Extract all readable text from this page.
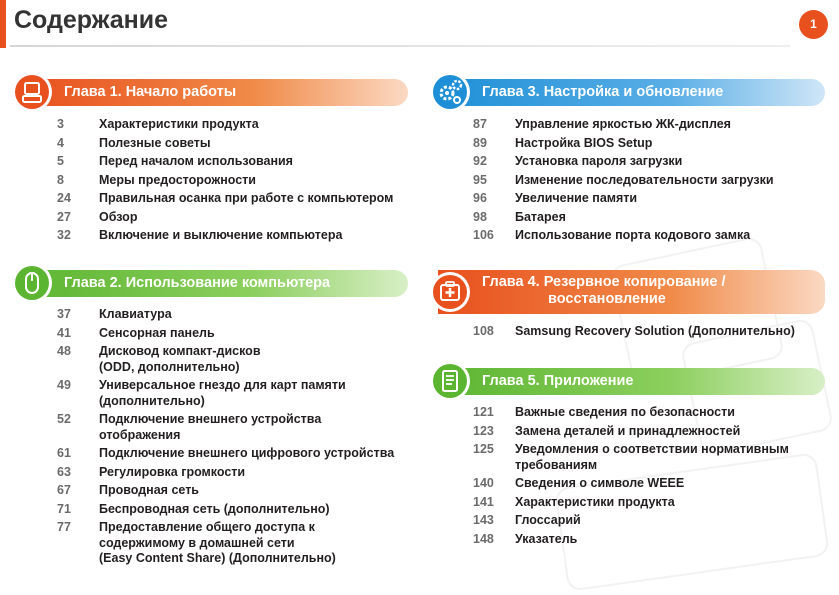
Содержание	1
Глава 1. Начало работы
3	Характеристики продукта
4	Полезные советы
5	Перед началом использования
8	Меры предосторожности
24	Правильная осанка при работе с компьютером
27	Обзор
32	Включение и выключение компьютера
Глава 2. Использование компьютера
37	Клавиатура
41	Сенсорная панель
48	Дисковод компакт-дисков
(ODD, дополнительно)
49	Универсальное гнездо для карт памяти
(дополнительно)
52	Подключение внешнего устройства
отображения
61	Подключение внешнего цифрового устройства
63	Регулировка громкости
67	Проводная сеть
71	Беспроводная сеть (дополнительно)
77	Предоставление общего доступа к
содержимому в домашней сети
(Easy Content Share) (Дополнительно)
Глава 3. Настройка и обновление
87	Управление яркостью ЖК-дисплея
89	Настройка BIOS Setup
92	Установка пароля загрузки
95	Изменение последовательности загрузки
96	Увеличение памяти
98	Батарея
106	Использование порта кодового замка
Глава 4. Резервное копирование /
восстановление
108	Samsung Recovery Solution (Дополнительно)
Глава 5. Приложение
121	Важные сведения по безопасности
123	Замена деталей и принадлежностей
125	Уведомления о соответствии нормативным
требованиям
140	Сведения о символе WEEE
141	Характеристики продукта
143	Глоссарий
148	Указатель
